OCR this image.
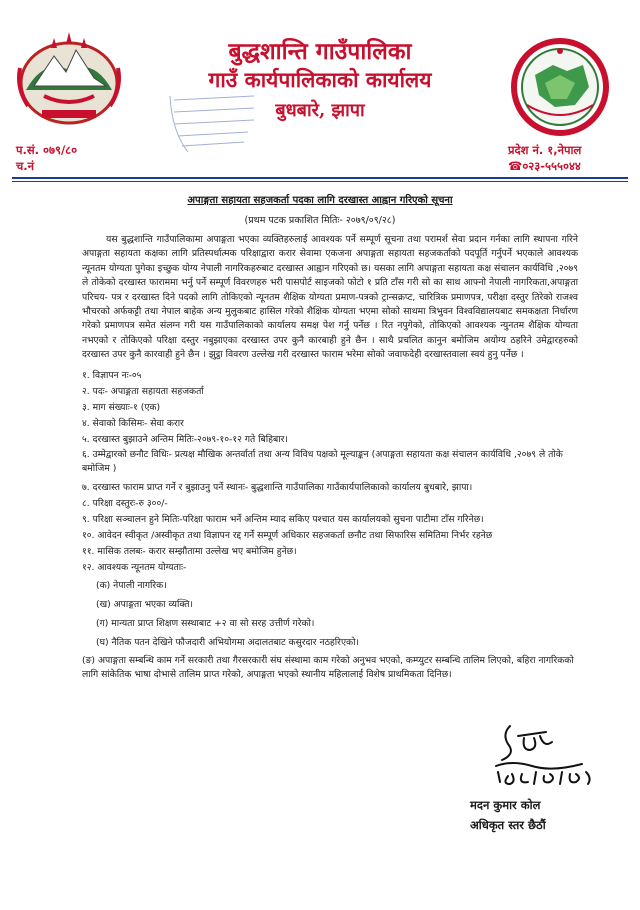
बुद्धशान्ति गाउँपालिका
गाउँ कार्यपालिकाको कार्यालय
बुधबारे, झापा
प.सं. ०७९/८०
च.नं
प्रदेश नं. १,नेपाल
☎०२३-५५५०४४
अपाङ्गता सहायता सहजकर्ता पदका लागि दरखास्त आह्वान गरिएको सूचना
(प्रथम पटक प्रकाशित मितिः- २०७९/०९/२८)
यस बुद्धशान्ति गाउँपालिकामा अपाङ्गता भएका व्यक्तिहरुलाई आवश्यक पर्ने सम्पूर्ण सूचना तथा परामर्श सेवा प्रदान गर्नका लागि स्थापना गरिने अपाङ्गता सहायता कक्षका लागि प्रतिस्पर्धात्मक परिक्षाद्वारा करार सेवामा एकजना अपाङ्गता सहायता सहजकर्ताको पदपूर्ति गर्नुपर्ने भएकाले आवश्यक न्यूनतम योग्यता पुगेका इच्छुक योग्य नेपाली नागरिकहरुबाट दरखास्त आह्वान गरिएको छ। यसका लागि अपाङ्गता सहायता कक्ष संचालन कार्यविधि ,२०७९ ले तोकेको दरखास्त फाराममा भर्नु पर्ने सम्पूर्ण विवरणहरु भरी पासपोर्ट साइजको फोटो १ प्रति टाँस गरी सो का साथ आफ्नो नेपाली नागरिकता,अपाङ्गता परिचय- पत्र र दरखास्त दिने पदको लागि तोकिएको न्यूनतम शैक्षिक योग्यता प्रमाण-पत्रको ट्रान्सक्रप्ट, चारित्रिक प्रमाणपत्र, परीक्षा दस्तुर तिरेको राजश्व भौचरको अर्फकट्टी तथा नेपाल बाहेक अन्य मुलुकबाट हासिल गरेको शैक्षिक योग्यता भएमा सोको साथमा त्रिभुवन विश्वविद्यालयबाट समकक्षता निर्धारण गरेको प्रमाणपत्र समेत संलग्न गरी यस गाउँपालिकाको कार्यालय समक्ष पेश गर्नु पर्नेछ । रित नपुगेको, तोकिएको आवश्यक न्युनतम शैक्षिक योग्यता नभएको र तोकिएको परिक्षा दस्तुर नबुझाएका दरखास्त उपर कुनै कारबाही हुने छैन । साथै प्रचलित कानुन बमोजिम अयोग्य ठहरिने उमेद्वारहरुको दरखास्त उपर कुनै कारवाही हुने छैन । झुट्ठा विवरण उल्लेख गरी दरखास्त फाराम भरेमा सोको जवाफदेही दरखास्तवाला स्वयं हुनु पर्नेछ ।
१. विज्ञापन नः-०५
२. पदः- अपाङ्गता सहायता सहजकर्ता
३. माग संख्याः-१ (एक)
४. सेवाको किसिमः- सेवा करार
५. दरखास्त बुझाउने अन्तिम मितिः-२०७९-१०-१२ गते बिहिबार।
६. उम्मेद्वारको छनौट विधिः- प्रत्यक्ष मौखिक अन्तर्वार्ता तथा अन्य विविध पक्षको मूल्याङ्कन (अपाङ्गता सहायता कक्ष संचालन कार्यविधि ,२०७९ ले तोके बमोजिम )
७. दरखास्त फाराम प्राप्त गर्ने र बुझाउनु पर्ने स्थानः- बुद्धशान्ति गाउँपालिका गाउँकार्यपालिकाको कार्यालय बुधबारे, झापा।
८. परिक्षा दस्तुरः-रु ३००/-
९. परिक्षा सञ्चालन हुने मितिः-परिक्षा फाराम भर्ने अन्तिम म्याद सकिए पश्चात यस कार्यालयको सुचना पाटीमा टाँस गरिनेछ।
१०. आवेदन स्वीकृत /अस्वीकृत तथा विज्ञापन रद्द गर्ने सम्पूर्ण अधिकार सहजकर्ता छनौट तथा सिफारिस समितिमा निर्भर रहनेछ
११. मासिक तलबः- करार सम्झौतामा उल्लेख भए बमोजिम हुनेछ।
१२. आवश्यक न्यूनतम योग्यताः-
(क) नेपाली नागरिक।
(ख) अपाङ्गता भएका व्यक्ति।
(ग) मान्यता प्राप्त शिक्षण सस्थाबाट +२ वा सो सरह उत्तीर्ण गरेको।
(घ) नैतिक पतन देखिने फौजदारी अभियोगमा अदालतबाट कसुरदार नठहरिएको।
(ङ) अपाङ्गता सम्बन्धि काम गर्ने सरकारी तथा गैरसरकारी संघ संस्थामा काम गरेको अनुभव भएको, कम्प्युटर सम्बन्धि तालिम लिएको, बहिरा नागरिकको लागि सांकेतिक भाषा दोभासे तालिम प्राप्त गरेको, अपाङ्गता भएको स्थानीय महिलालाई विशेष प्राथमिकता दिनिछ।
मदन कुमार कोल
अधिकृत स्तर छैठौं
